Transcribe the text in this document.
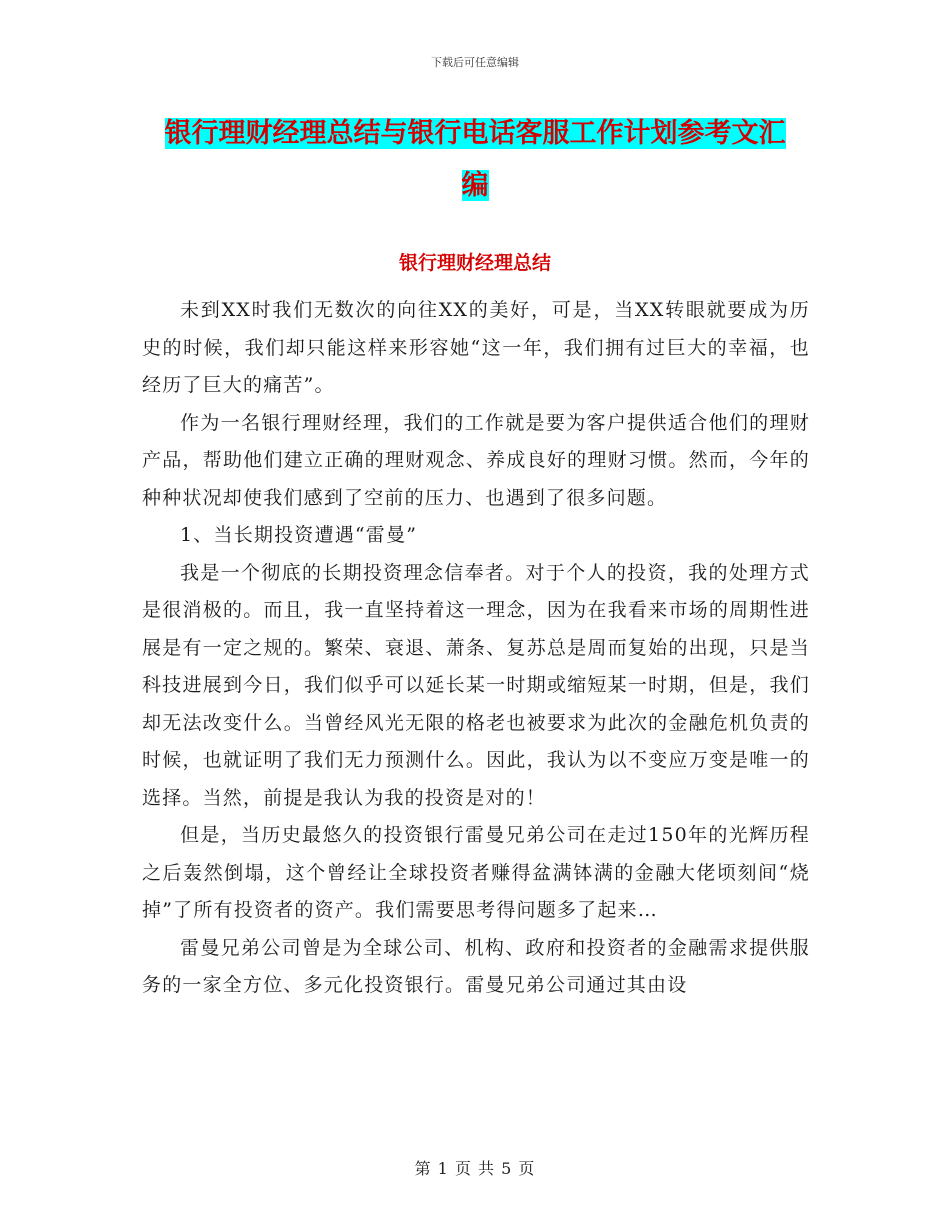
下载后可任意编辑
银行理财经理总结与银行电话客服工作计划参考文汇
编
银行理财经理总结

未到XX时我们无数次的向往XX的美好，可是，当XX转眼就要成为历史的时候，我们却只能这样来形容她“这一年，我们拥有过巨大的幸福，也经历了巨大的痛苦”。

作为一名银行理财经理，我们的工作就是要为客户提供适合他们的理财产品，帮助他们建立正确的理财观念、养成良好的理财习惯。然而，今年的种种状况却使我们感到了空前的压力、也遇到了很多问题。

1、当长期投资遭遇“雷曼”

我是一个彻底的长期投资理念信奉者。对于个人的投资，我的处理方式是很消极的。而且，我一直坚持着这一理念，因为在我看来市场的周期性进展是有一定之规的。繁荣、衰退、萧条、复苏总是周而复始的出现，只是当科技进展到今日，我们似乎可以延长某一时期或缩短某一时期，但是，我们却无法改变什么。当曾经风光无限的格老也被要求为此次的金融危机负责的时候，也就证明了我们无力预测什么。因此，我认为以不变应万变是唯一的选择。当然，前提是我认为我的投资是对的！

但是，当历史最悠久的投资银行雷曼兄弟公司在走过150年的光辉历程之后轰然倒塌，这个曾经让全球投资者赚得盆满钵满的金融大佬顷刻间“烧掉”了所有投资者的资产。我们需要思考得问题多了起来…

雷曼兄弟公司曾是为全球公司、机构、政府和投资者的金融需求提供服务的一家全方位、多元化投资银行。雷曼兄弟公司通过其由设

第 1 页 共 5 页
